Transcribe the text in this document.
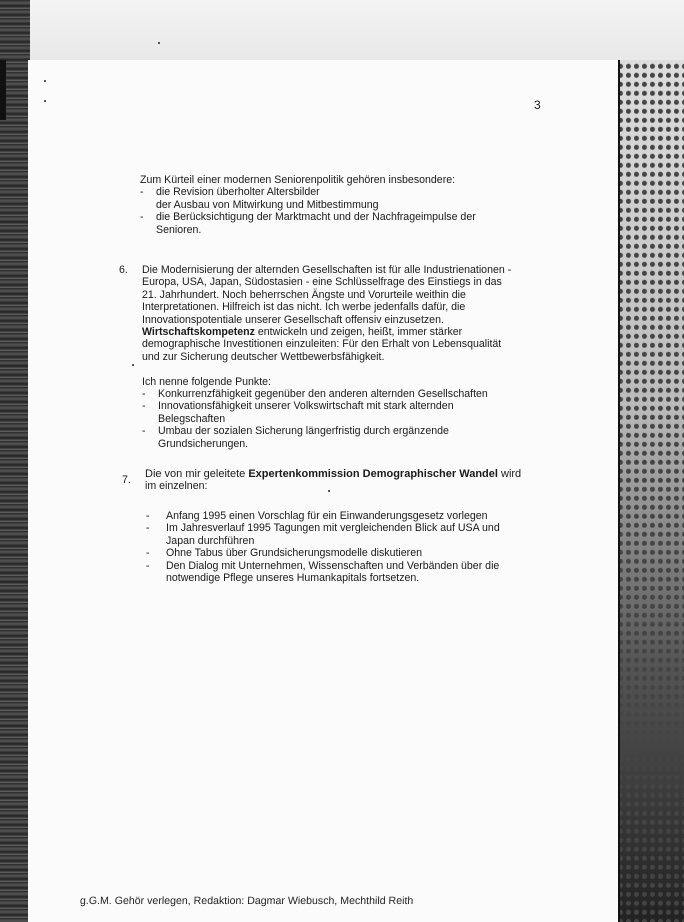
3
Zum Kürteil einer modernen Seniorenpolitik gehören insbesondere:
-	die Revision überholter Altersbilder
der Ausbau von Mitwirkung und Mitbestimmung
-	die Berücksichtigung der Marktmacht und der Nachfrageimpulse der
Senioren.
6. Die Modernisierung der alternden Gesellschaften ist für alle Industrienationen -
Europa, USA, Japan, Südostasien - eine Schlüsselfrage des Einstiegs in das
21. Jahrhundert. Noch beherrschen Ängste und Vorurteile weithin die
Interpretationen. Hilfreich ist das nicht. Ich werbe jedenfalls dafür, die
Innovationspotentiale unserer Gesellschaft offensiv einzusetzen.
Wirtschaftskompetenz entwickeln und zeigen, heißt, immer stärker
demographische Investitionen einzuleiten: Für den Erhalt von Lebensqualität
und zur Sicherung deutscher Wettbewerbsfähigkeit.
Ich nenne folgende Punkte:
-	Konkurrenzfähigkeit gegenüber den anderen alternden Gesellschaften
-	Innovationsfähigkeit unserer Volkswirtschaft mit stark alternden
Belegschaften
-	Umbau der sozialen Sicherung längerfristig durch ergänzende
Grundsicherungen.
7. Die von mir geleitete Expertenkommission Demographischer Wandel wird
im einzelnen:
-	Anfang 1995 einen Vorschlag für ein Einwanderungsgesetz vorlegen
-	Im Jahresverlauf 1995 Tagungen mit vergleichenden Blick auf USA und
Japan durchführen
-	Ohne Tabus über Grundsicherungsmodelle diskutieren
-	Den Dialog mit Unternehmen, Wissenschaften und Verbänden über die
notwendige Pflege unseres Humankapitals fortsetzen.
g.G.M. Gehör verlegen, Redaktion: Dagmar Wiebusch, Mechthild Reith
